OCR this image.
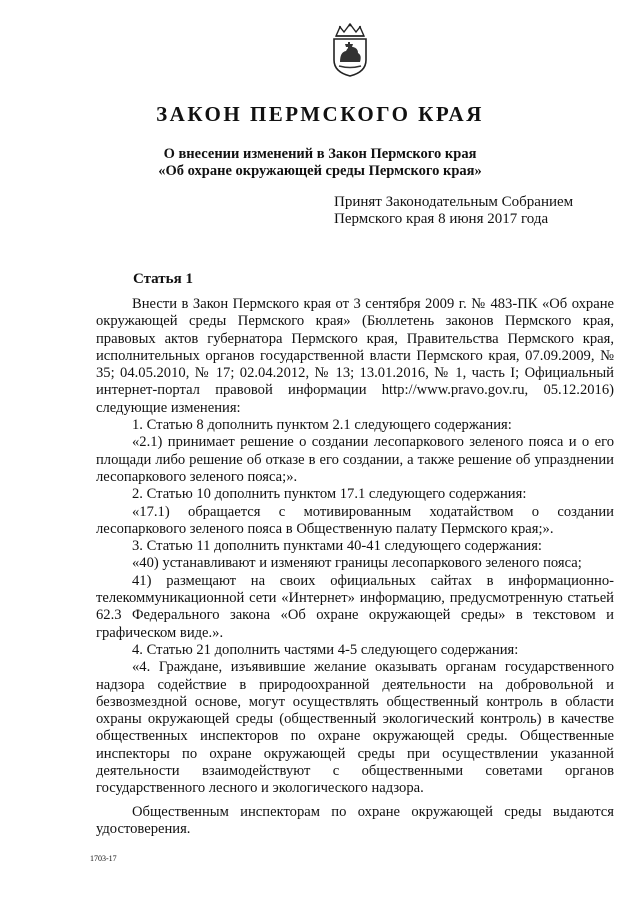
ЗАКОН ПЕРМСКОГО КРАЯ
О внесении изменений в Закон Пермского края
«Об охране окружающей среды Пермского края»
Принят Законодательным Собранием
Пермского края 8 июня 2017 года
Статья 1

Внести в Закон Пермского края от 3 сентября 2009 г. № 483-ПК «Об охране окружающей среды Пермского края» (Бюллетень законов Пермского края, правовых актов губернатора Пермского края, Правительства Пермского края, исполнительных органов государственной власти Пермского края, 07.09.2009, № 35; 04.05.2010, № 17; 02.04.2012, № 13; 13.01.2016, № 1, часть I; Официальный интернет-портал правовой информации http://www.pravo.gov.ru, 05.12.2016) следующие изменения:

1. Статью 8 дополнить пунктом 2.1 следующего содержания:

«2.1) принимает решение о создании лесопаркового зеленого пояса и о его площади либо решение об отказе в его создании, а также решение об упразднении лесопаркового зеленого пояса;».

2. Статью 10 дополнить пунктом 17.1 следующего содержания:

«17.1) обращается с мотивированным ходатайством о создании лесопаркового зеленого пояса в Общественную палату Пермского края;».

3. Статью 11 дополнить пунктами 40-41 следующего содержания:

«40) устанавливают и изменяют границы лесопаркового зеленого пояса;

41) размещают на своих официальных сайтах в информационно-телекоммуникационной сети «Интернет» информацию, предусмотренную статьей 62.3 Федерального закона «Об охране окружающей среды» в текстовом и графическом виде.».

4. Статью 21 дополнить частями 4-5 следующего содержания:

«4. Граждане, изъявившие желание оказывать органам государственного надзора содействие в природоохранной деятельности на добровольной и безвозмездной основе, могут осуществлять общественный контроль в области охраны окружающей среды (общественный экологический контроль) в качестве общественных инспекторов по охране окружающей среды. Общественные инспекторы по охране окружающей среды при осуществлении указанной деятельности взаимодействуют с общественными советами органов государственного лесного и экологического надзора.

Общественным инспекторам по охране окружающей среды выдаются удостоверения.

1703-17
